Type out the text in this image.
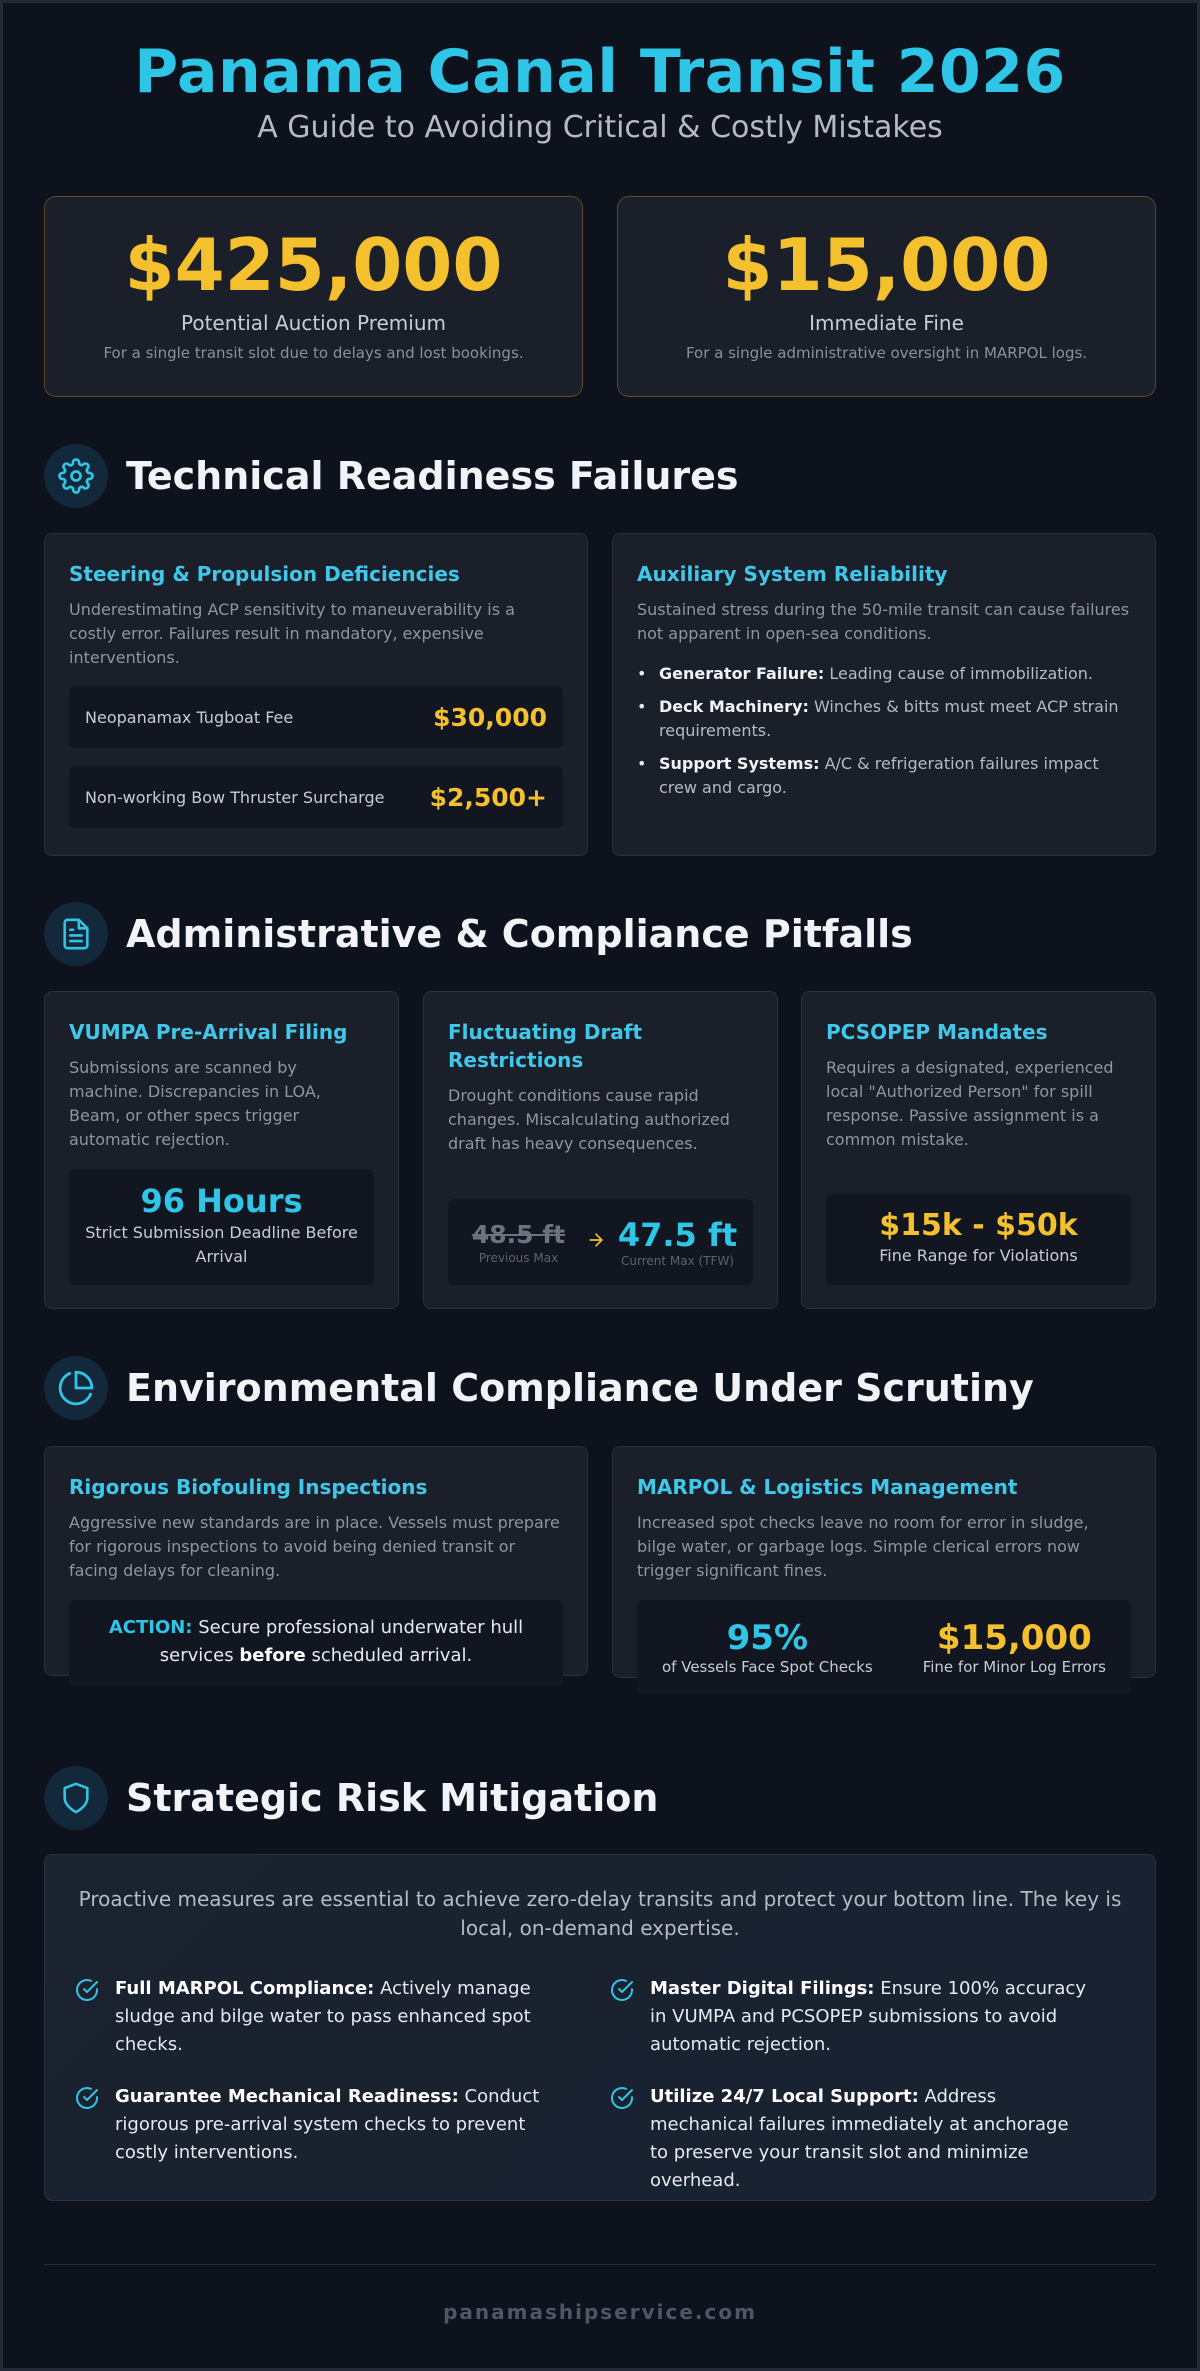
Panama Canal Transit 2026
A Guide to Avoiding Critical & Costly Mistakes
$425,000
Potential Auction Premium
For a single transit slot due to delays and lost bookings.
$15,000
Immediate Fine
For a single administrative oversight in MARPOL logs.
Technical Readiness Failures
Steering & Propulsion Deficiencies

Underestimating ACP sensitivity to maneuverability is a costly error. Failures result in mandatory, expensive interventions.

Neopanamax Tugboat Fee	$30,000
Non-working Bow Thruster Surcharge $2,500+
Auxiliary System Reliability

Sustained stress during the 50-mile transit can cause failures not apparent in open-sea conditions.

• Generator Failure: Leading cause of immobilization.
• Deck Machinery: Winches & bitts must meet ACP strain requirements.
• Support Systems: A/C & refrigeration failures impact crew and cargo.
Administrative & Compliance Pitfalls
VUMPA Pre-Arrival Filing

Submissions are scanned by machine. Discrepancies in LOA, Beam, or other specs trigger automatic rejection.

96 Hours
Strict Submission Deadline Before Arrival
Fluctuating Draft Restrictions

Drought conditions cause rapid changes. Miscalculating authorized draft has heavy consequences.

48.5 ft
Previous Max
47.5 ft
Current Max (TFW)
PCSOPEP Mandates

Requires a designated, experienced local "Authorized Person" for spill response. Passive assignment is a common mistake.

$15k - $50k
Fine Range for Violations
Environmental Compliance Under Scrutiny
Rigorous Biofouling Inspections

Aggressive new standards are in place. Vessels must prepare for rigorous inspections to avoid being denied transit or facing delays for cleaning.

ACTION: Secure professional underwater hull services before scheduled arrival.
MARPOL & Logistics Management

Increased spot checks leave no room for error in sludge, bilge water, or garbage logs. Simple clerical errors now trigger significant fines.

95%
of Vessels Face Spot Checks
$15,000
Fine for Minor Log Errors
Strategic Risk Mitigation
Proactive measures are essential to achieve zero-delay transits and protect your bottom line. The key is local, on-demand expertise.
Full MARPOL Compliance: Actively manage sludge and bilge water to pass enhanced spot checks.
Master Digital Filings: Ensure 100% accuracy in VUMPA and PCSOPEP submissions to avoid automatic rejection.
Guarantee Mechanical Readiness: Conduct rigorous pre-arrival system checks to prevent costly interventions.
Utilize 24/7 Local Support: Address mechanical failures immediately at anchorage to preserve your transit slot and minimize overhead.
panamashipservice.com
